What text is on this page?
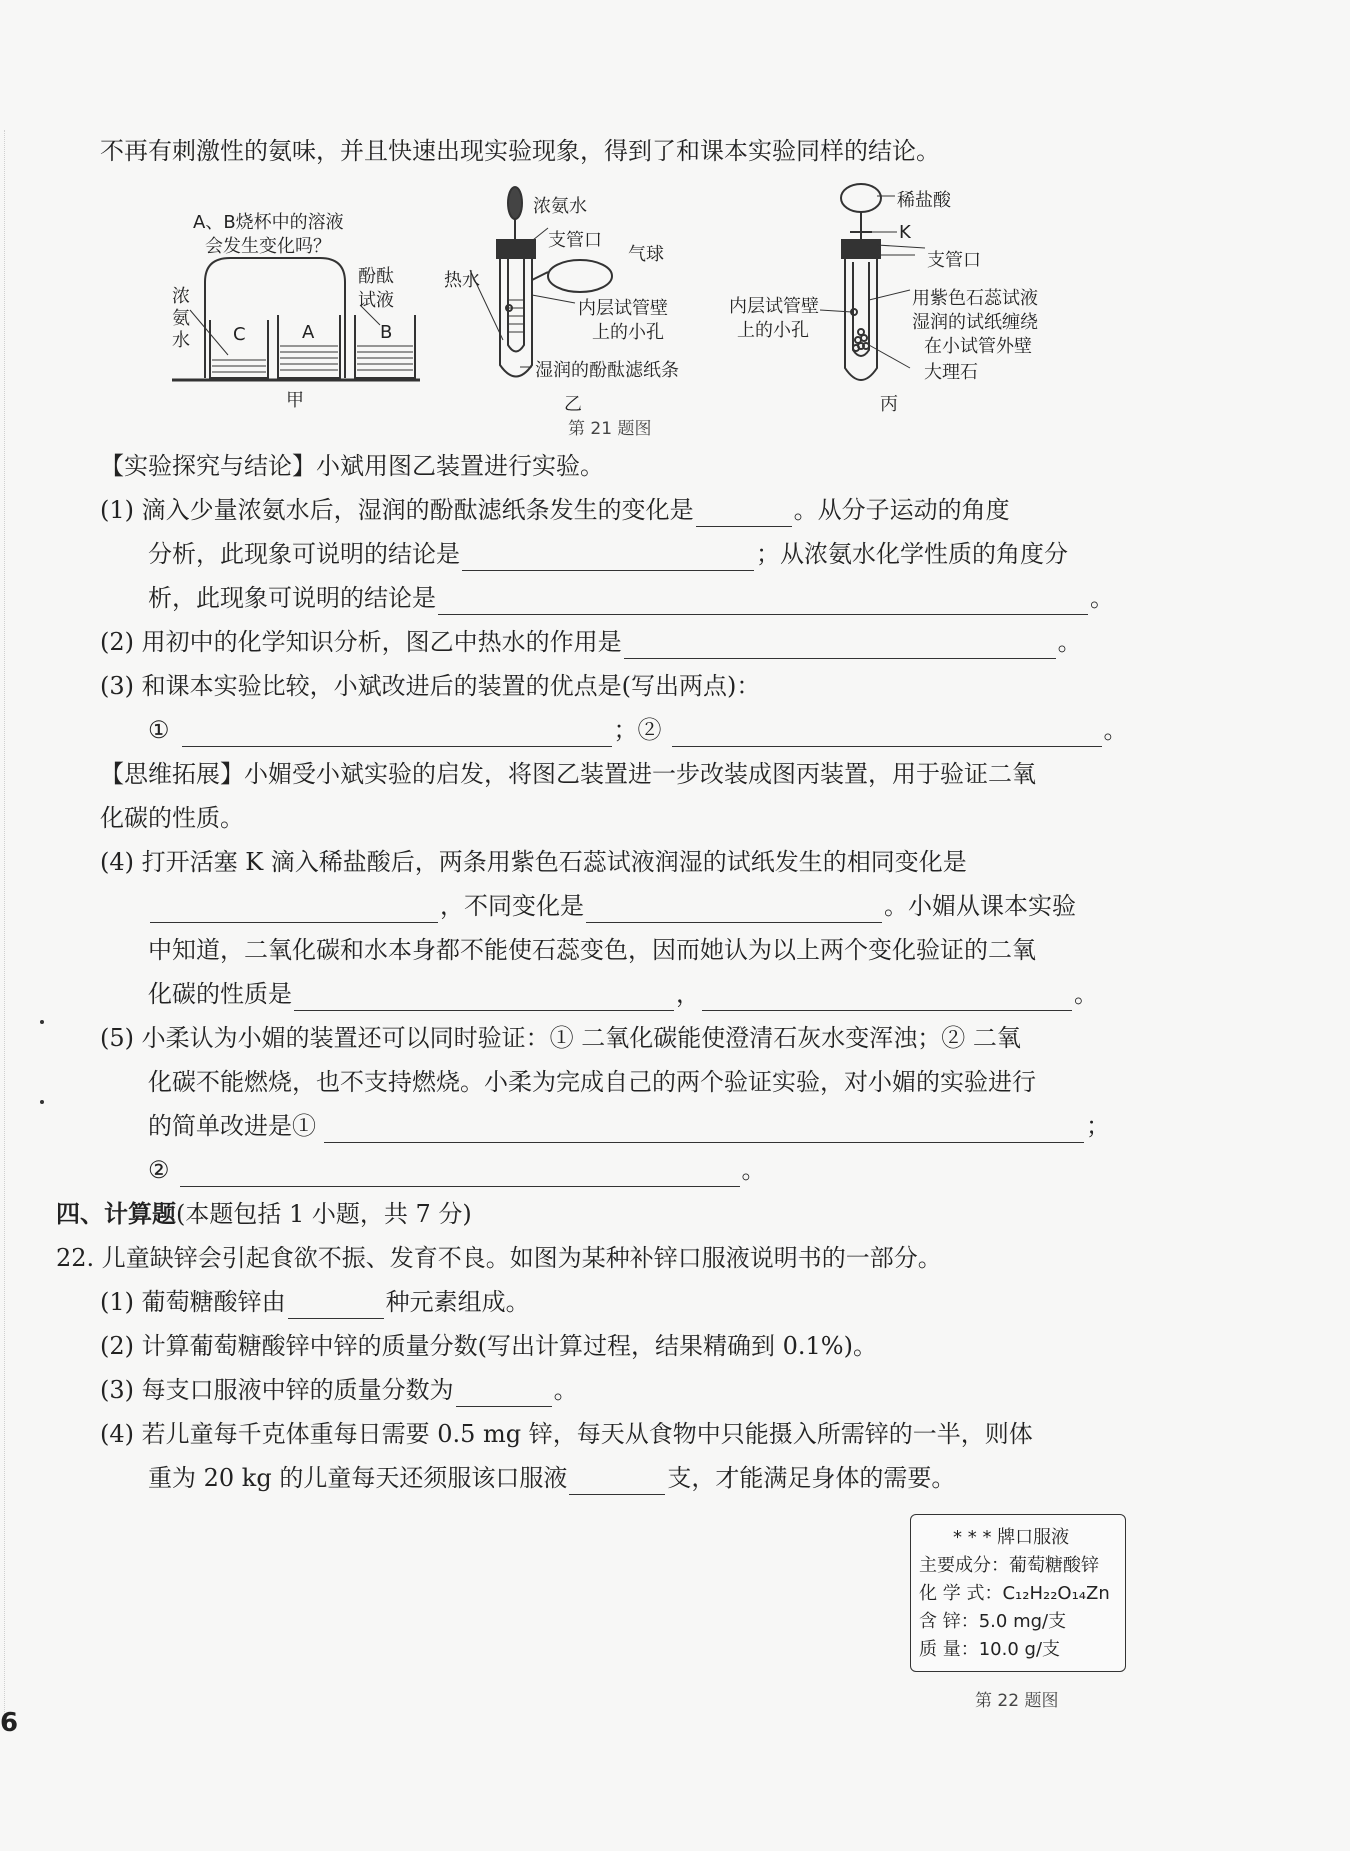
不再有刺激性的氨味，并且快速出现实验现象，得到了和课本实验同样的结论。
A、B烧杯中的溶液
会发生变化吗？
浓
氨
水
酚酞
试液
C	A	B
甲
浓氨水
支管口
气球
热水
内层试管壁
上的小孔
湿润的酚酞滤纸条
乙
稀盐酸
K
支管口
内层试管壁
上的小孔
用紫色石蕊试液
湿润的试纸缠绕
在小试管外壁
大理石
丙
第 21 题图
【实验探究与结论】小斌用图乙装置进行实验。
(1) 滴入少量浓氨水后，湿润的酚酞滤纸条发生的变化是	。从分子运动的角度
分析，此现象可说明的结论是	；从浓氨水化学性质的角度分
析，此现象可说明的结论是	。
(2) 用初中的化学知识分析，图乙中热水的作用是	。
(3) 和课本实验比较，小斌改进后的装置的优点是(写出两点)：
①	；②	。
【思维拓展】小媚受小斌实验的启发，将图乙装置进一步改装成图丙装置，用于验证二氧
化碳的性质。
(4) 打开活塞 K 滴入稀盐酸后，两条用紫色石蕊试液润湿的试纸发生的相同变化是
，不同变化是	。小媚从课本实验
中知道，二氧化碳和水本身都不能使石蕊变色，因而她认为以上两个变化验证的二氧
化碳的性质是	，	。
(5) 小柔认为小媚的装置还可以同时验证：① 二氧化碳能使澄清石灰水变浑浊；② 二氧
化碳不能燃烧，也不支持燃烧。小柔为完成自己的两个验证实验，对小媚的实验进行
的简单改进是①	；
②	。
四、计算题(本题包括 1 小题，共 7 分)
22. 儿童缺锌会引起食欲不振、发育不良。如图为某种补锌口服液说明书的一部分。
(1) 葡萄糖酸锌由	种元素组成。
(2) 计算葡萄糖酸锌中锌的质量分数(写出计算过程，结果精确到 0.1%)。
(3) 每支口服液中锌的质量分数为	。
(4) 若儿童每千克体重每日需要 0.5 mg 锌，每天从食物中只能摄入所需锌的一半，则体
重为 20 kg 的儿童每天还须服该口服液	支，才能满足身体的需要。
* * * 牌口服液
主要成分：葡萄糖酸锌
化 学 式：C₁₂H₂₂O₁₄Zn
含 锌：5.0 mg/支
质 量：10.0 g/支
第 22 题图
6
